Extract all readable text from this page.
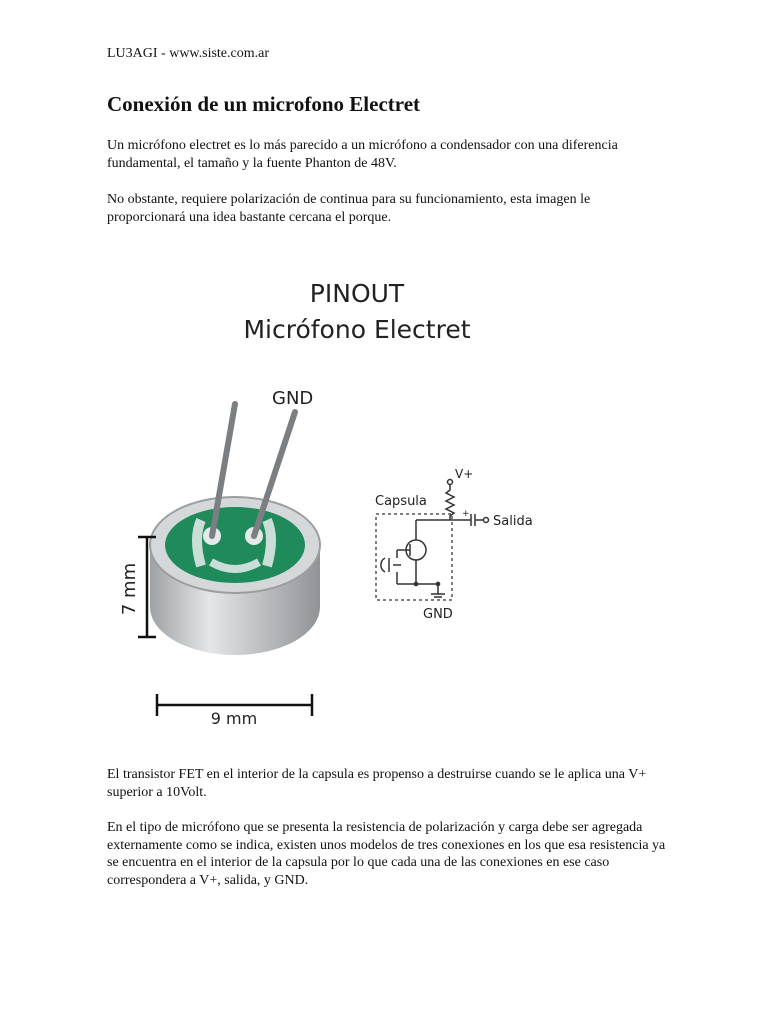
LU3AGI - www.siste.com.ar
Conexión de un microfono Electret

Un micrófono electret es lo más parecido a un micrófono a condensador con una diferencia fundamental, el tamaño y la fuente Phanton de 48V.

No obstante, requiere polarización de continua para su funcionamiento, esta imagen le proporcionará una idea bastante cercana el porque.

PINOUT
Micrófono Electret
GND
7 mm
9 mm
Capsula
V+
+ Salida
GND

El transistor FET en el interior de la capsula es propenso a destruirse cuando se le aplica una V+ superior a 10Volt.

En el tipo de micrófono que se presenta la resistencia de polarización y carga debe ser agregada externamente como se indica, existen unos modelos de tres conexiones en los que esa resistencia ya se encuentra en el interior de la capsula por lo que cada una de las conexiones en ese caso correspondera a V+, salida, y GND.
